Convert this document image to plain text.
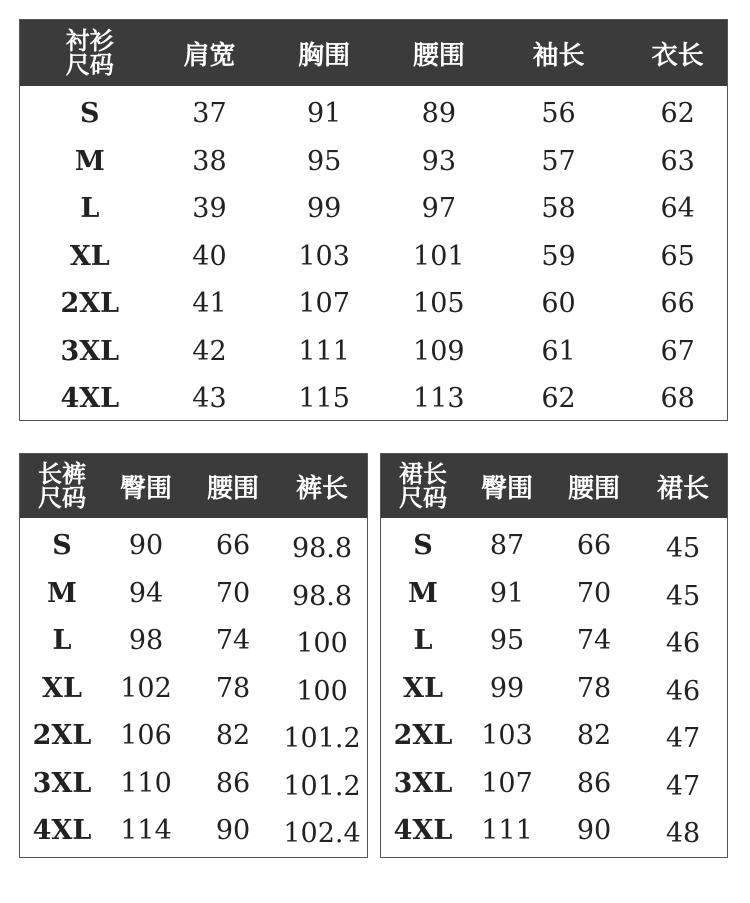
衬衫
尺码	肩宽	胸围	腰围	袖长	衣长
S	37	91	89	56	62
M	38	95	93	57	63
L	39	99	97	58	64
XL	40	103	101	59	65
2XL	41	107	105	60	66
3XL	42	111	109	61	67
4XL	43	115	113	62	68
长裤
尺码	臀围	腰围	裤长
S	90	66	98.8
M	94	70	98.8
L	98	74	100
XL	102	78	100
2XL	106	82	101.2
3XL	110	86	101.2
4XL	114	90	102.4
裙长
尺码	臀围	腰围	裙长
S	87	66	45
M	91	70	45
L	95	74	46
XL	99	78	46
2XL	103	82	47
3XL	107	86	47
4XL	111	90	48
